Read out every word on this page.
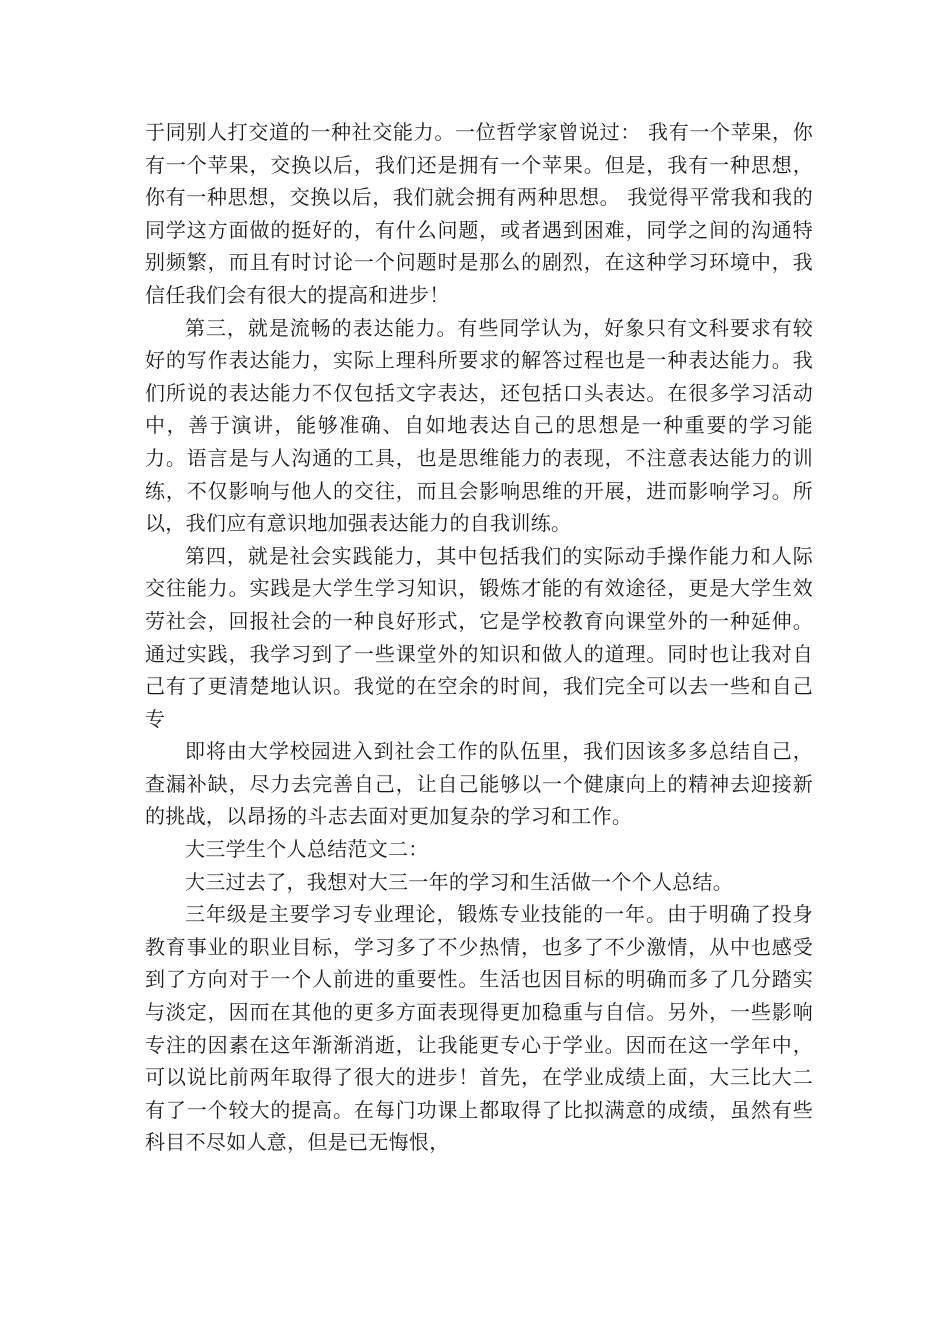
于同别人打交道的一种社交能力。一位哲学家曾说过： 我有一个苹果，你有一个苹果，交换以后，我们还是拥有一个苹果。但是，我有一种思想，你有一种思想，交换以后，我们就会拥有两种思想。 我觉得平常我和我的同学这方面做的挺好的，有什么问题，或者遇到困难，同学之间的沟通特别频繁，而且有时讨论一个问题时是那么的剧烈，在这种学习环境中，我信任我们会有很大的提高和进步！

第三，就是流畅的表达能力。有些同学认为，好象只有文科要求有较好的写作表达能力，实际上理科所要求的解答过程也是一种表达能力。我们所说的表达能力不仅包括文字表达，还包括口头表达。在很多学习活动中，善于演讲，能够准确、自如地表达自己的思想是一种重要的学习能力。语言是与人沟通的工具，也是思维能力的表现，不注意表达能力的训练，不仅影响与他人的交往，而且会影响思维的开展，进而影响学习。所以，我们应有意识地加强表达能力的自我训练。

第四，就是社会实践能力，其中包括我们的实际动手操作能力和人际交往能力。实践是大学生学习知识，锻炼才能的有效途径，更是大学生效劳社会，回报社会的一种良好形式，它是学校教育向课堂外的一种延伸。通过实践，我学习到了一些课堂外的知识和做人的道理。同时也让我对自己有了更清楚地认识。我觉的在空余的时间，我们完全可以去一些和自己专

即将由大学校园进入到社会工作的队伍里，我们因该多多总结自己，查漏补缺，尽力去完善自己，让自己能够以一个健康向上的精神去迎接新的挑战，以昂扬的斗志去面对更加复杂的学习和工作。

大三学生个人总结范文二：

大三过去了，我想对大三一年的学习和生活做一个个人总结。

三年级是主要学习专业理论，锻炼专业技能的一年。由于明确了投身教育事业的职业目标，学习多了不少热情，也多了不少激情，从中也感受到了方向对于一个人前进的重要性。生活也因目标的明确而多了几分踏实与淡定，因而在其他的更多方面表现得更加稳重与自信。另外，一些影响专注的因素在这年渐渐消逝，让我能更专心于学业。因而在这一学年中，可以说比前两年取得了很大的进步！首先，在学业成绩上面，大三比大二有了一个较大的提高。在每门功课上都取得了比拟满意的成绩，虽然有些科目不尽如人意，但是已无悔恨，
